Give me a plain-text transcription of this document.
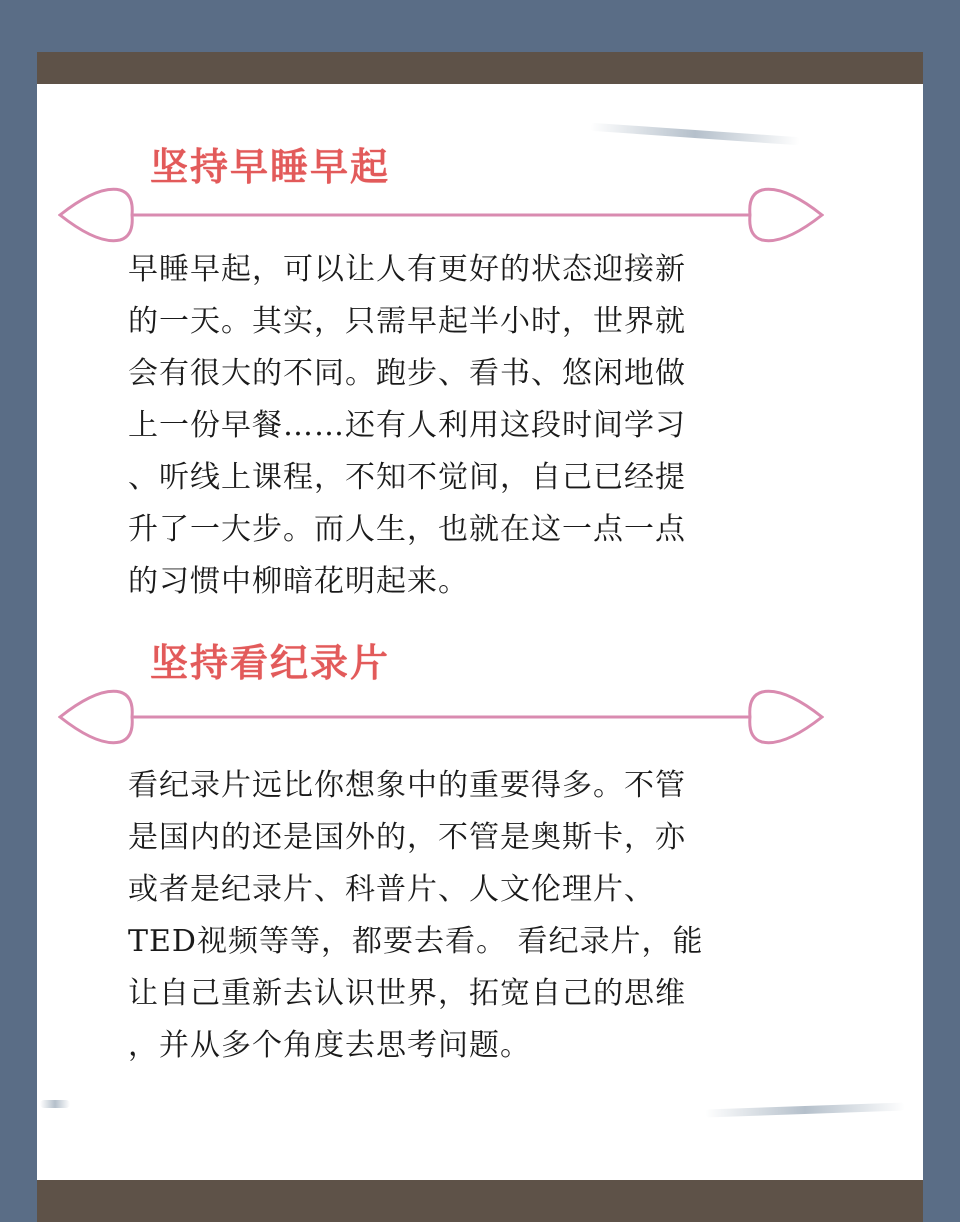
坚持早睡早起
早睡早起，可以让人有更好的状态迎接新
的一天。其实，只需早起半小时，世界就
会有很大的不同。跑步、看书、悠闲地做
上一份早餐……还有人利用这段时间学习
、听线上课程，不知不觉间，自己已经提
升了一大步。而人生，也就在这一点一点
的习惯中柳暗花明起来。
坚持看纪录片
看纪录片远比你想象中的重要得多。不管
是国内的还是国外的，不管是奥斯卡，亦
或者是纪录片、科普片、人文伦理片、
TED视频等等，都要去看。 看纪录片，能
让自己重新去认识世界，拓宽自己的思维
，并从多个角度去思考问题。
